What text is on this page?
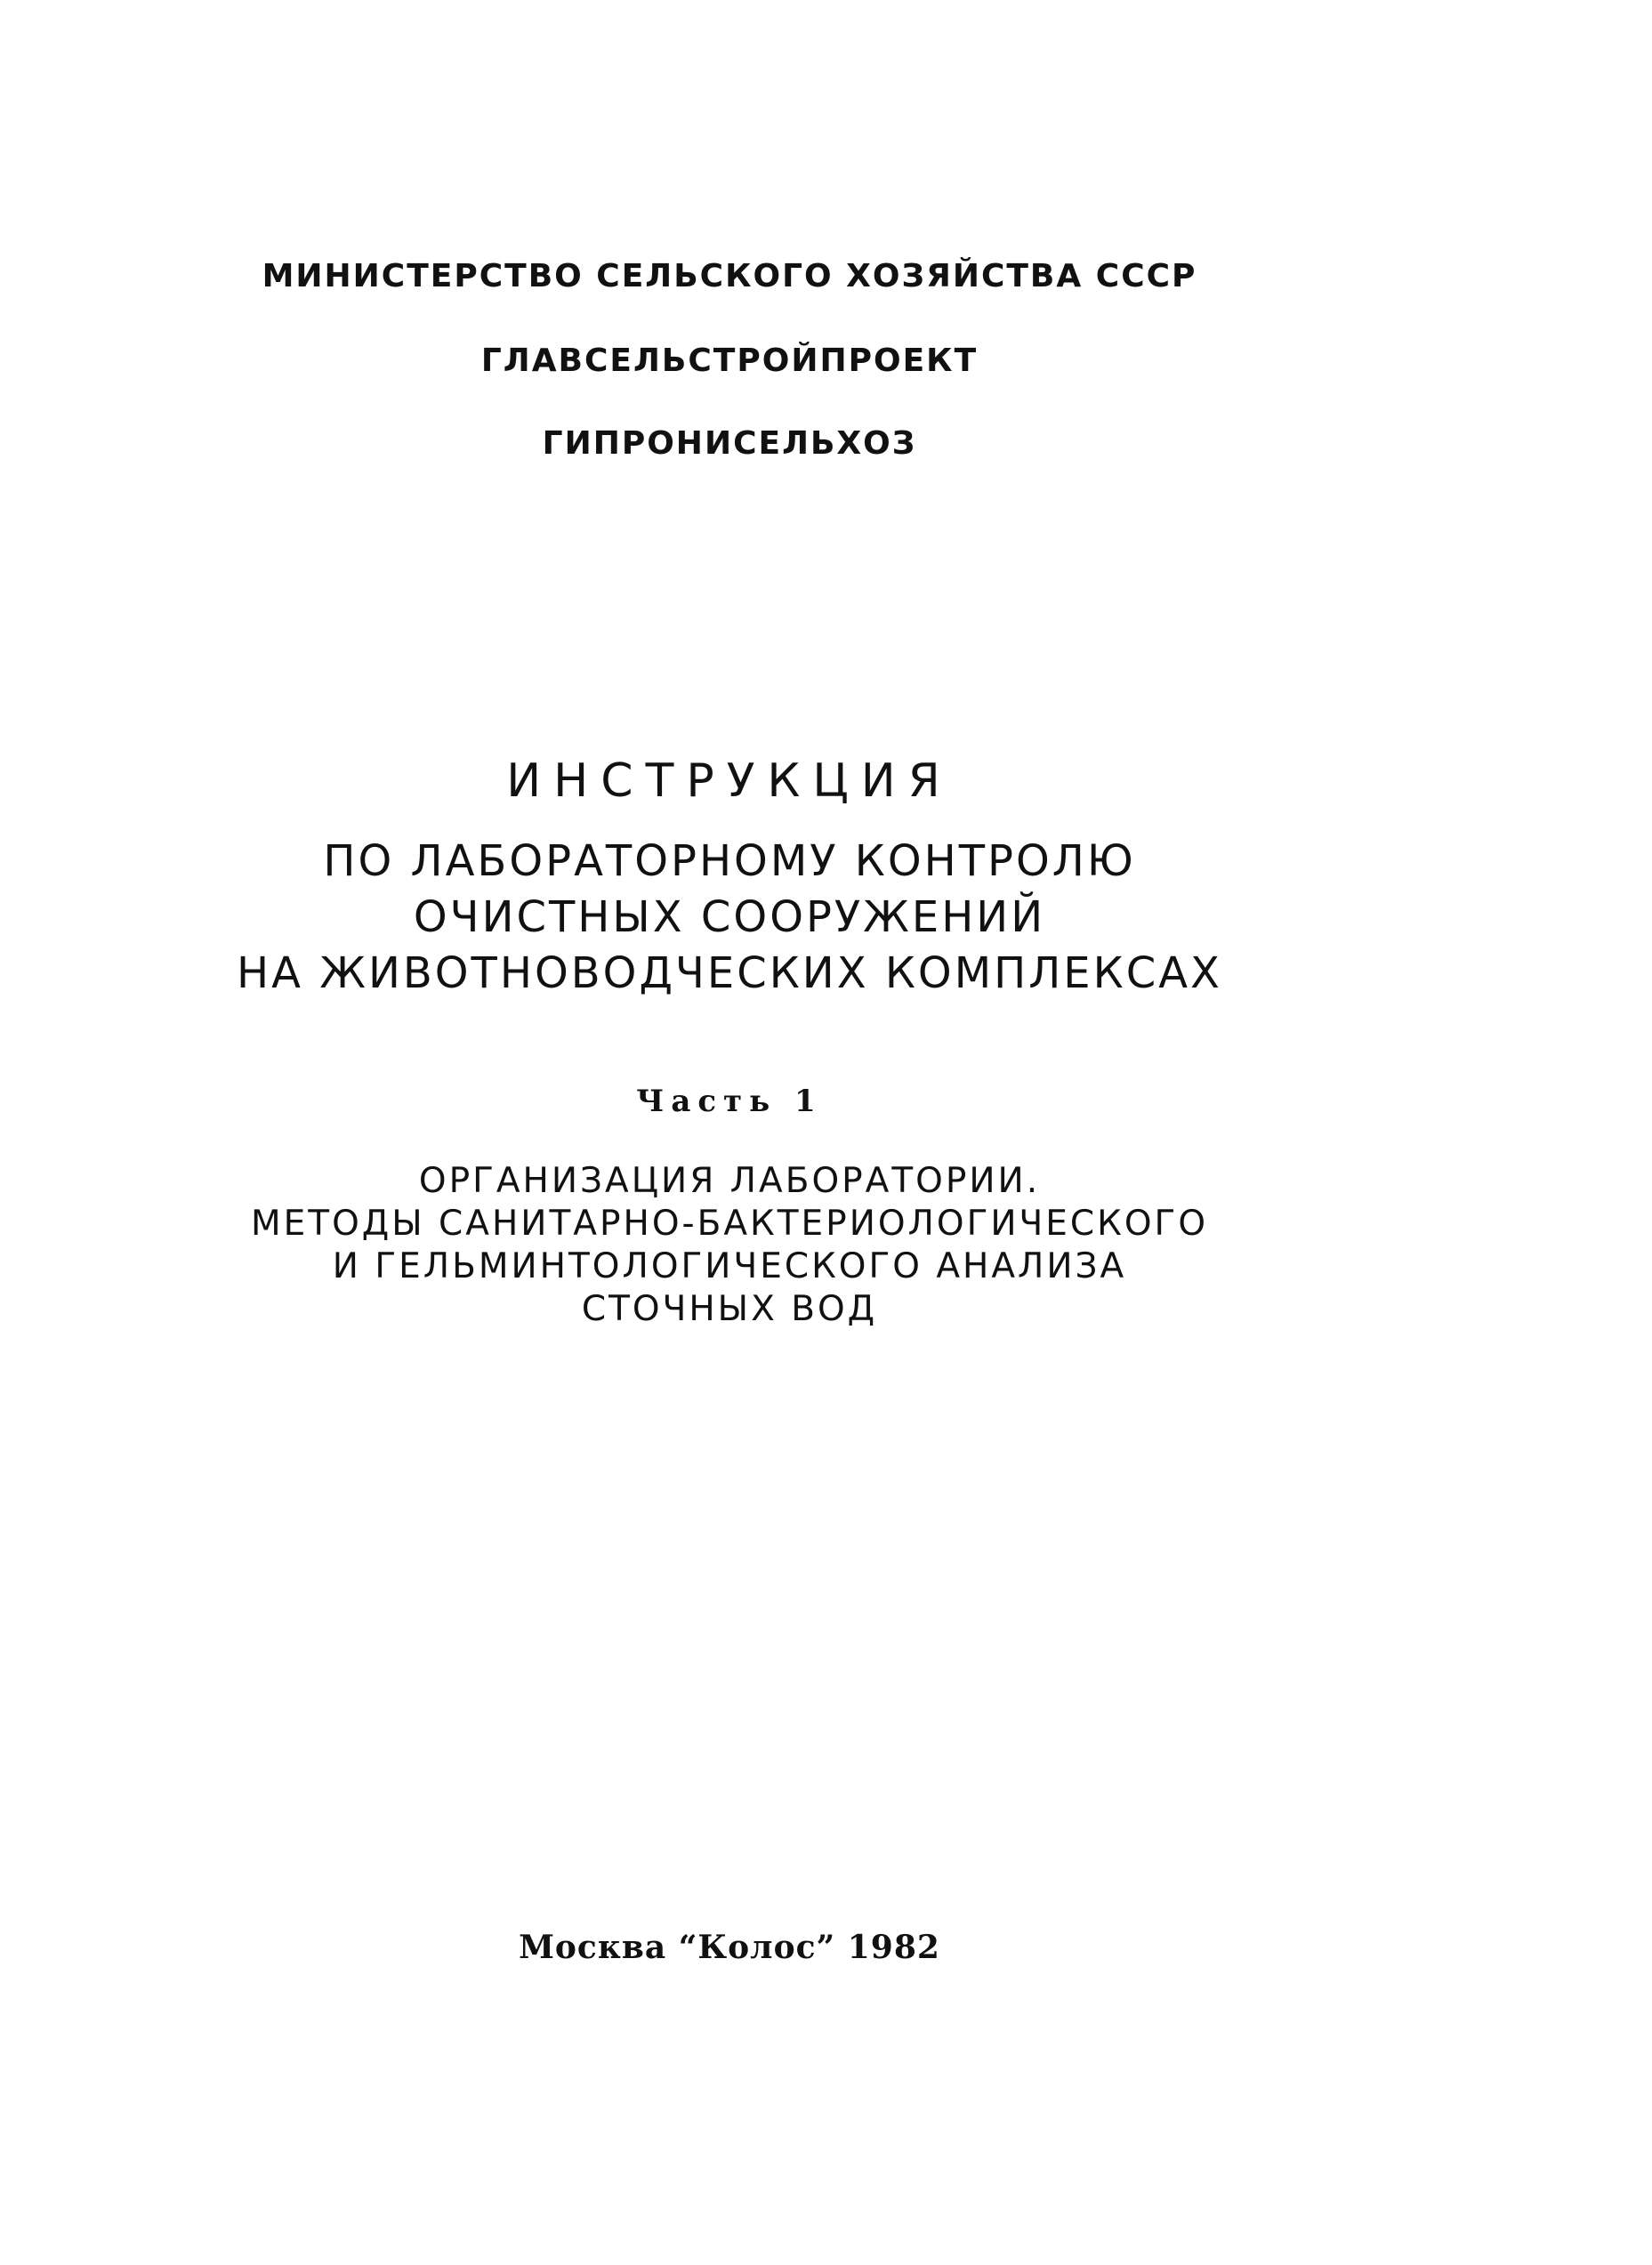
МИНИСТЕРСТВО СЕЛЬСКОГО ХОЗЯЙСТВА СССР

ГЛАВСЕЛЬСТРОЙПРОЕКТ

ГИПРОНИСЕЛЬХОЗ

ИНСТРУКЦИЯ

ПО ЛАБОРАТОРНОМУ КОНТРОЛЮ

ОЧИСТНЫХ СООРУЖЕНИЙ

НА ЖИВОТНОВОДЧЕСКИХ КОМПЛЕКСАХ

Часть 1

ОРГАНИЗАЦИЯ ЛАБОРАТОРИИ.

МЕТОДЫ САНИТАРНО-БАКТЕРИОЛОГИЧЕСКОГО

И ГЕЛЬМИНТОЛОГИЧЕСКОГО АНАЛИЗА

СТОЧНЫХ ВОД

Москва “Колос” 1982
